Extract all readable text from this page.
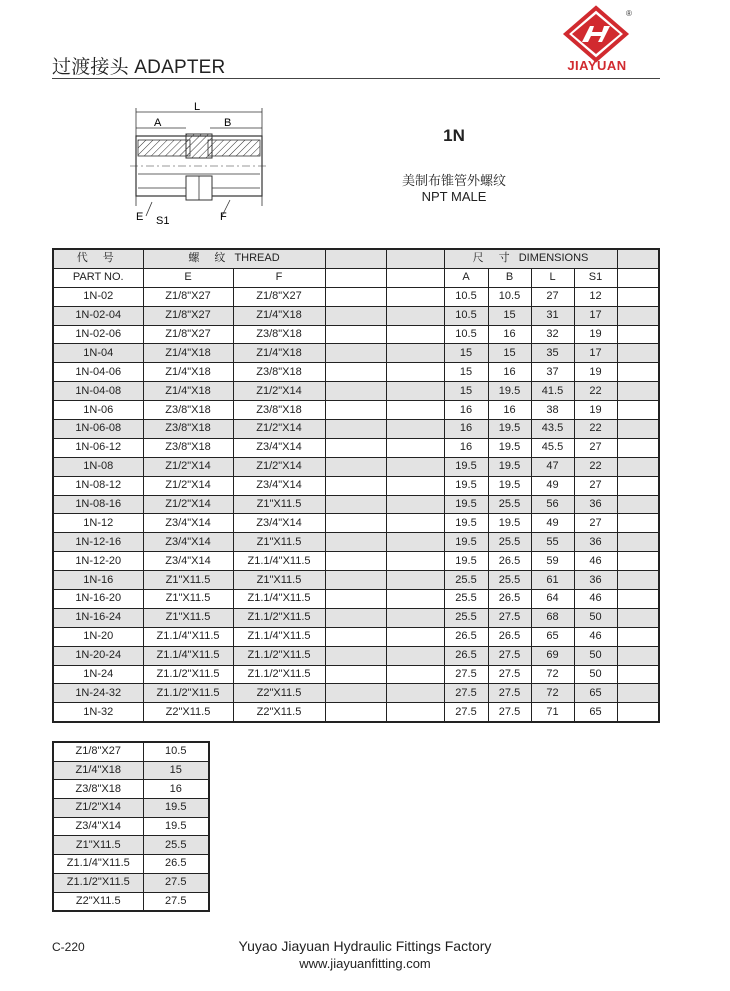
过渡接头 ADAPTER
®
JIAYUAN
L
A	B
E S1	F
1N
美制布锥管外螺纹
NPT MALE
代 号	螺 纹 THREAD				尺 寸 DIMENSIONS				
PART NO.	E	F			A	B	L	S1	
1N-02	Z1/8"X27	Z1/8"X27			10.5	10.5	27	12	
1N-02-04	Z1/8"X27	Z1/4"X18			10.5	15	31	17	
1N-02-06	Z1/8"X27	Z3/8"X18			10.5	16	32	19	
1N-04	Z1/4"X18	Z1/4"X18			15	15	35	17	
1N-04-06	Z1/4"X18	Z3/8"X18			15	16	37	19	
1N-04-08	Z1/4"X18	Z1/2"X14			15	19.5	41.5	22	
1N-06	Z3/8"X18	Z3/8"X18			16	16	38	19	
1N-06-08	Z3/8"X18	Z1/2"X14			16	19.5	43.5	22	
1N-06-12	Z3/8"X18	Z3/4"X14			16	19.5	45.5	27	
1N-08	Z1/2"X14	Z1/2"X14			19.5	19.5	47	22	
1N-08-12	Z1/2"X14	Z3/4"X14			19.5	19.5	49	27	
1N-08-16	Z1/2"X14	Z1"X11.5			19.5	25.5	56	36	
1N-12	Z3/4"X14	Z3/4"X14			19.5	19.5	49	27	
1N-12-16	Z3/4"X14	Z1"X11.5			19.5	25.5	55	36	
1N-12-20	Z3/4"X14	Z1.1/4"X11.5			19.5	26.5	59	46	
1N-16	Z1"X11.5	Z1"X11.5			25.5	25.5	61	36	
1N-16-20	Z1"X11.5	Z1.1/4"X11.5			25.5	26.5	64	46	
1N-16-24	Z1"X11.5	Z1.1/2"X11.5			25.5	27.5	68	50	
1N-20	Z1.1/4"X11.5	Z1.1/4"X11.5			26.5	26.5	65	46	
1N-20-24	Z1.1/4"X11.5	Z1.1/2"X11.5			26.5	27.5	69	50	
1N-24	Z1.1/2"X11.5	Z1.1/2"X11.5			27.5	27.5	72	50	
1N-24-32	Z1.1/2"X11.5	Z2"X11.5			27.5	27.5	72	65	
1N-32	Z2"X11.5	Z2"X11.5			27.5	27.5	71	65	
Z1/8"X27	10.5
Z1/4"X18	15
Z3/8"X18	16
Z1/2"X14	19.5
Z3/4"X14	19.5
Z1"X11.5	25.5
Z1.1/4"X11.5	26.5
Z1.1/2"X11.5	27.5
Z2"X11.5	27.5
C-220	Yuyao Jiayuan Hydraulic Fittings Factory
www.jiayuanfitting.com
